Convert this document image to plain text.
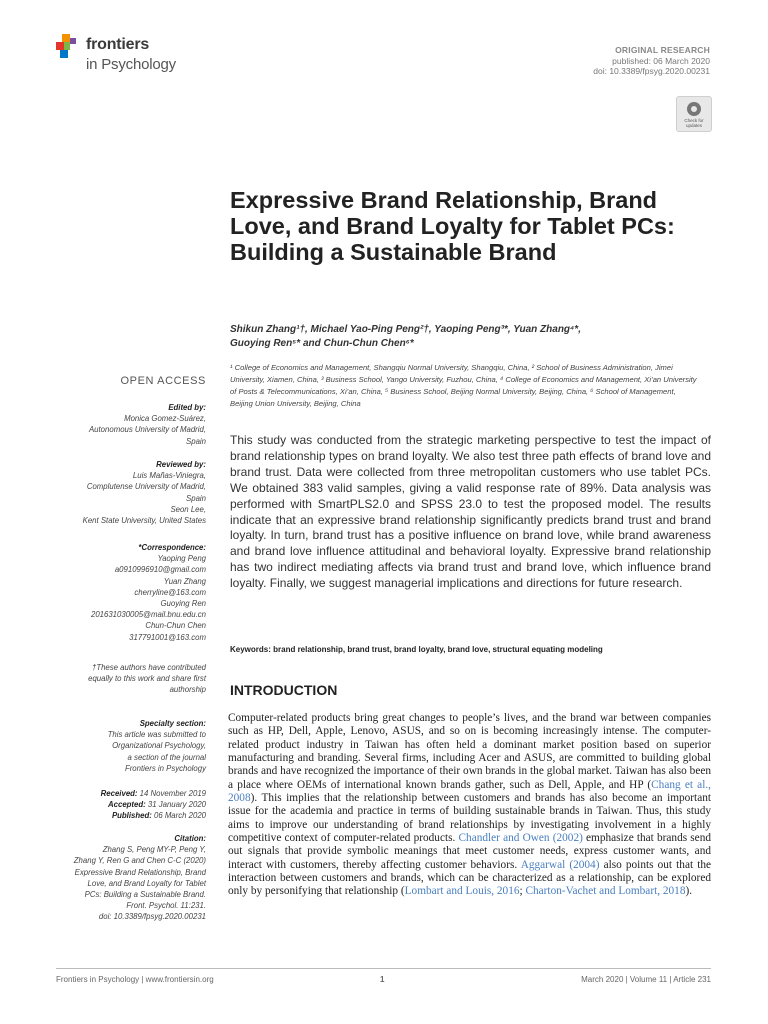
frontiers
in Psychology
ORIGINAL RESEARCH
published: 06 March 2020
doi: 10.3389/fpsyg.2020.00231
Check for updates
Expressive Brand Relationship, Brand Love, and Brand Loyalty for Tablet PCs: Building a Sustainable Brand
Shikun Zhang¹†, Michael Yao-Ping Peng²†, Yaoping Peng³*, Yuan Zhang⁴*,
Guoying Ren⁵* and Chun-Chun Chen⁶*
¹ College of Economics and Management, Shangqiu Normal University, Shangqiu, China, ² School of Business Administration, Jimei University, Xiamen, China, ³ Business School, Yango University, Fuzhou, China, ⁴ College of Economics and Management, Xi’an University of Posts & Telecommunications, Xi’an, China, ⁵ Business School, Beijing Normal University, Beijing, China, ⁶ School of Management, Beijing Union University, Beijing, China
OPEN ACCESS

Edited by:

Monica Gomez-Suárez,

Autonomous University of Madrid,

Spain

Reviewed by:

Luis Mañas-Viniegra,

Complutense University of Madrid,

Spain

Seon Lee,

Kent State University, United States

*Correspondence:

Yaoping Peng

a0910996910@gmail.com

Yuan Zhang

cherryline@163.com

Guoying Ren

201631030005@mail.bnu.edu.cn

Chun-Chun Chen

317791001@163.com

†These authors have contributed

equally to this work and share first

authorship

Specialty section:

This article was submitted to

Organizational Psychology,

a section of the journal

Frontiers in Psychology

Received: 14 November 2019

Accepted: 31 January 2020

Published: 06 March 2020

Citation:

Zhang S, Peng MY-P, Peng Y,

Zhang Y, Ren G and Chen C-C (2020)

Expressive Brand Relationship, Brand

Love, and Brand Loyalty for Tablet

PCs: Building a Sustainable Brand.

Front. Psychol. 11:231.

doi: 10.3389/fpsyg.2020.00231

This study was conducted from the strategic marketing perspective to test the impact of brand relationship types on brand loyalty. We also test three path effects of brand love and brand trust. Data were collected from three metropolitan customers who use tablet PCs. We obtained 383 valid samples, giving a valid response rate of 89%. Data analysis was performed with SmartPLS2.0 and SPSS 23.0 to test the proposed model. The results indicate that an expressive brand relationship significantly predicts brand trust and brand loyalty. In turn, brand trust has a positive influence on brand love, while brand awareness and brand love influence attitudinal and behavioral loyalty. Expressive brand relationship has two indirect mediating affects via brand trust and brand love, which influence brand loyalty. Finally, we suggest managerial implications and directions for future research.
Keywords: brand relationship, brand trust, brand loyalty, brand love, structural equating modeling
INTRODUCTION
Computer-related products bring great changes to people’s lives, and the brand war between companies such as HP, Dell, Apple, Lenovo, ASUS, and so on is becoming increasingly intense. The computer-related product industry in Taiwan has often held a dominant market position based on superior manufacturing and branding. Several firms, including Acer and ASUS, are committed to building global brands and have recognized the importance of their own brands in the global market. Taiwan has also been a place where OEMs of international known brands gather, such as Dell, Apple, and HP (Chang et al., 2008). This implies that the relationship between customers and brands has also become an important issue for the academia and practice in terms of building sustainable brands in Taiwan. Thus, this study aims to improve our understanding of brand relationships by investigating involvement in a highly competitive context of computer-related products. Chandler and Owen (2002) emphasize that brands send out signals that provide symbolic meanings that meet customer needs, express customer wants, and interact with customers, thereby affecting customer behaviors. Aggarwal (2004) also points out that the interaction between customers and brands, which can be characterized as a relationship, can be explored only by personifying that relationship (Lombart and Louis, 2016; Charton-Vachet and Lombart, 2018).
Frontiers in Psychology | www.frontiersin.org	1	March 2020 | Volume 11 | Article 231
